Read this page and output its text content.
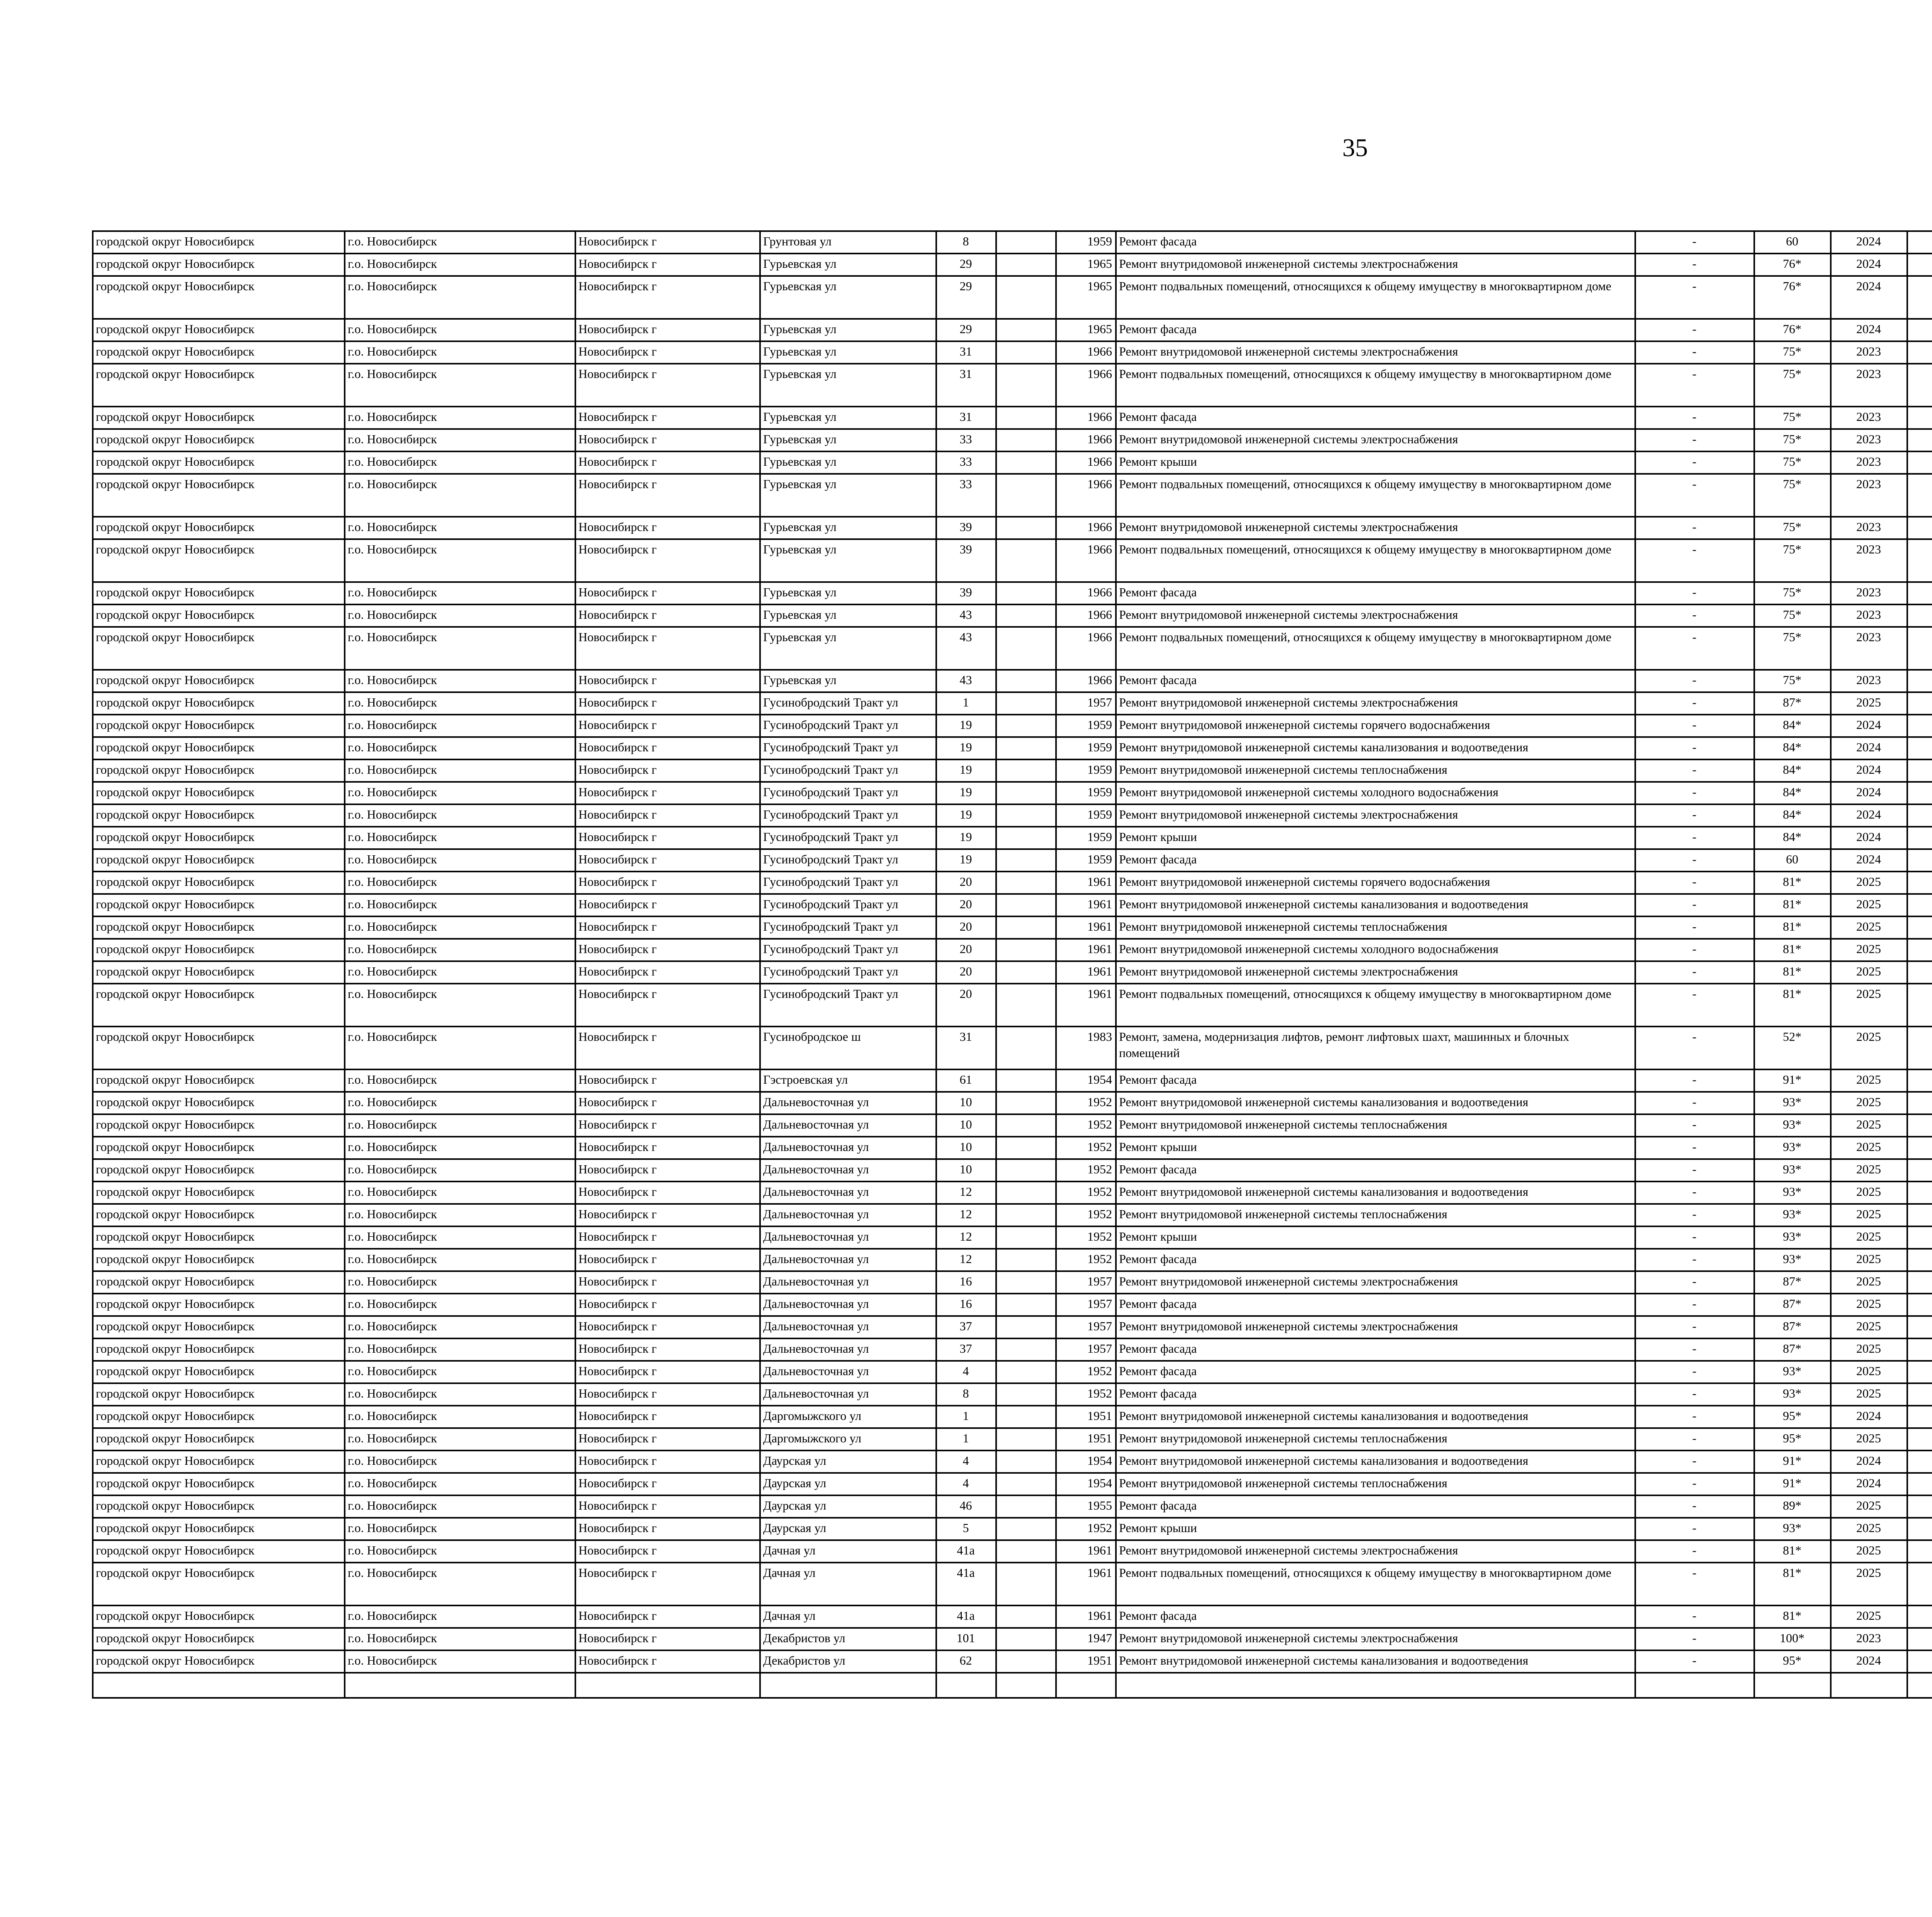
35
городской округ Новосибирск	г.о. Новосибирск	Новосибирск г	Грунтовая ул	8		1959	Ремонт фасада	-	60	2024						
городской округ Новосибирск	г.о. Новосибирск	Новосибирск г	Гурьевская ул	29		1965	Ремонт внутридомовой инженерной системы электроснабжения	-	76*	2024						
городской округ Новосибирск	г.о. Новосибирск	Новосибирск г	Гурьевская ул	29		1965	Ремонт подвальных помещений, относящихся к общему имуществу в многоквартирном доме	-	76*	2024						
городской округ Новосибирск	г.о. Новосибирск	Новосибирск г	Гурьевская ул	29		1965	Ремонт фасада	-	76*	2024						
городской округ Новосибирск	г.о. Новосибирск	Новосибирск г	Гурьевская ул	31		1966	Ремонт внутридомовой инженерной системы электроснабжения	-	75*	2023						
городской округ Новосибирск	г.о. Новосибирск	Новосибирск г	Гурьевская ул	31		1966	Ремонт подвальных помещений, относящихся к общему имуществу в многоквартирном доме	-	75*	2023						
городской округ Новосибирск	г.о. Новосибирск	Новосибирск г	Гурьевская ул	31		1966	Ремонт фасада	-	75*	2023						
городской округ Новосибирск	г.о. Новосибирск	Новосибирск г	Гурьевская ул	33		1966	Ремонт внутридомовой инженерной системы электроснабжения	-	75*	2023						
городской округ Новосибирск	г.о. Новосибирск	Новосибирск г	Гурьевская ул	33		1966	Ремонт крыши	-	75*	2023						
городской округ Новосибирск	г.о. Новосибирск	Новосибирск г	Гурьевская ул	33		1966	Ремонт подвальных помещений, относящихся к общему имуществу в многоквартирном доме	-	75*	2023						
городской округ Новосибирск	г.о. Новосибирск	Новосибирск г	Гурьевская ул	39		1966	Ремонт внутридомовой инженерной системы электроснабжения	-	75*	2023						
городской округ Новосибирск	г.о. Новосибирск	Новосибирск г	Гурьевская ул	39		1966	Ремонт подвальных помещений, относящихся к общему имуществу в многоквартирном доме	-	75*	2023						
городской округ Новосибирск	г.о. Новосибирск	Новосибирск г	Гурьевская ул	39		1966	Ремонт фасада	-	75*	2023						
городской округ Новосибирск	г.о. Новосибирск	Новосибирск г	Гурьевская ул	43		1966	Ремонт внутридомовой инженерной системы электроснабжения	-	75*	2023						
городской округ Новосибирск	г.о. Новосибирск	Новосибирск г	Гурьевская ул	43		1966	Ремонт подвальных помещений, относящихся к общему имуществу в многоквартирном доме	-	75*	2023						
городской округ Новосибирск	г.о. Новосибирск	Новосибирск г	Гурьевская ул	43		1966	Ремонт фасада	-	75*	2023						
городской округ Новосибирск	г.о. Новосибирск	Новосибирск г	Гусинобродский Тракт ул	1		1957	Ремонт внутридомовой инженерной системы электроснабжения	-	87*	2025						
городской округ Новосибирск	г.о. Новосибирск	Новосибирск г	Гусинобродский Тракт ул	19		1959	Ремонт внутридомовой инженерной системы горячего водоснабжения	-	84*	2024						
городской округ Новосибирск	г.о. Новосибирск	Новосибирск г	Гусинобродский Тракт ул	19		1959	Ремонт внутридомовой инженерной системы канализования и водоотведения	-	84*	2024						
городской округ Новосибирск	г.о. Новосибирск	Новосибирск г	Гусинобродский Тракт ул	19		1959	Ремонт внутридомовой инженерной системы теплоснабжения	-	84*	2024						
городской округ Новосибирск	г.о. Новосибирск	Новосибирск г	Гусинобродский Тракт ул	19		1959	Ремонт внутридомовой инженерной системы холодного водоснабжения	-	84*	2024						
городской округ Новосибирск	г.о. Новосибирск	Новосибирск г	Гусинобродский Тракт ул	19		1959	Ремонт внутридомовой инженерной системы электроснабжения	-	84*	2024						
городской округ Новосибирск	г.о. Новосибирск	Новосибирск г	Гусинобродский Тракт ул	19		1959	Ремонт крыши	-	84*	2024						
городской округ Новосибирск	г.о. Новосибирск	Новосибирск г	Гусинобродский Тракт ул	19		1959	Ремонт фасада	-	60	2024						
городской округ Новосибирск	г.о. Новосибирск	Новосибирск г	Гусинобродский Тракт ул	20		1961	Ремонт внутридомовой инженерной системы горячего водоснабжения	-	81*	2025						
городской округ Новосибирск	г.о. Новосибирск	Новосибирск г	Гусинобродский Тракт ул	20		1961	Ремонт внутридомовой инженерной системы канализования и водоотведения	-	81*	2025						
городской округ Новосибирск	г.о. Новосибирск	Новосибирск г	Гусинобродский Тракт ул	20		1961	Ремонт внутридомовой инженерной системы теплоснабжения	-	81*	2025						
городской округ Новосибирск	г.о. Новосибирск	Новосибирск г	Гусинобродский Тракт ул	20		1961	Ремонт внутридомовой инженерной системы холодного водоснабжения	-	81*	2025						
городской округ Новосибирск	г.о. Новосибирск	Новосибирск г	Гусинобродский Тракт ул	20		1961	Ремонт внутридомовой инженерной системы электроснабжения	-	81*	2025						
городской округ Новосибирск	г.о. Новосибирск	Новосибирск г	Гусинобродский Тракт ул	20		1961	Ремонт подвальных помещений, относящихся к общему имуществу в многоквартирном доме	-	81*	2025						
городской округ Новосибирск	г.о. Новосибирск	Новосибирск г	Гусинобродское ш	31		1983	Ремонт, замена, модернизация лифтов, ремонт лифтовых шахт, машинных и блочных помещений	-	52*	2025						
городской округ Новосибирск	г.о. Новосибирск	Новосибирск г	Гэстроевская ул	61		1954	Ремонт фасада	-	91*	2025						
городской округ Новосибирск	г.о. Новосибирск	Новосибирск г	Дальневосточная ул	10		1952	Ремонт внутридомовой инженерной системы канализования и водоотведения	-	93*	2025						
городской округ Новосибирск	г.о. Новосибирск	Новосибирск г	Дальневосточная ул	10		1952	Ремонт внутридомовой инженерной системы теплоснабжения	-	93*	2025						
городской округ Новосибирск	г.о. Новосибирск	Новосибирск г	Дальневосточная ул	10		1952	Ремонт крыши	-	93*	2025						
городской округ Новосибирск	г.о. Новосибирск	Новосибирск г	Дальневосточная ул	10		1952	Ремонт фасада	-	93*	2025						
городской округ Новосибирск	г.о. Новосибирск	Новосибирск г	Дальневосточная ул	12		1952	Ремонт внутридомовой инженерной системы канализования и водоотведения	-	93*	2025						
городской округ Новосибирск	г.о. Новосибирск	Новосибирск г	Дальневосточная ул	12		1952	Ремонт внутридомовой инженерной системы теплоснабжения	-	93*	2025						
городской округ Новосибирск	г.о. Новосибирск	Новосибирск г	Дальневосточная ул	12		1952	Ремонт крыши	-	93*	2025						
городской округ Новосибирск	г.о. Новосибирск	Новосибирск г	Дальневосточная ул	12		1952	Ремонт фасада	-	93*	2025						
городской округ Новосибирск	г.о. Новосибирск	Новосибирск г	Дальневосточная ул	16		1957	Ремонт внутридомовой инженерной системы электроснабжения	-	87*	2025						
городской округ Новосибирск	г.о. Новосибирск	Новосибирск г	Дальневосточная ул	16		1957	Ремонт фасада	-	87*	2025						
городской округ Новосибирск	г.о. Новосибирск	Новосибирск г	Дальневосточная ул	37		1957	Ремонт внутридомовой инженерной системы электроснабжения	-	87*	2025						
городской округ Новосибирск	г.о. Новосибирск	Новосибирск г	Дальневосточная ул	37		1957	Ремонт фасада	-	87*	2025						
городской округ Новосибирск	г.о. Новосибирск	Новосибирск г	Дальневосточная ул	4		1952	Ремонт фасада	-	93*	2025						
городской округ Новосибирск	г.о. Новосибирск	Новосибирск г	Дальневосточная ул	8		1952	Ремонт фасада	-	93*	2025						
городской округ Новосибирск	г.о. Новосибирск	Новосибирск г	Даргомыжского ул	1		1951	Ремонт внутридомовой инженерной системы канализования и водоотведения	-	95*	2024						
городской округ Новосибирск	г.о. Новосибирск	Новосибирск г	Даргомыжского ул	1		1951	Ремонт внутридомовой инженерной системы теплоснабжения	-	95*	2025						
городской округ Новосибирск	г.о. Новосибирск	Новосибирск г	Даурская ул	4		1954	Ремонт внутридомовой инженерной системы канализования и водоотведения	-	91*	2024						
городской округ Новосибирск	г.о. Новосибирск	Новосибирск г	Даурская ул	4		1954	Ремонт внутридомовой инженерной системы теплоснабжения	-	91*	2024						
городской округ Новосибирск	г.о. Новосибирск	Новосибирск г	Даурская ул	46		1955	Ремонт фасада	-	89*	2025						
городской округ Новосибирск	г.о. Новосибирск	Новосибирск г	Даурская ул	5		1952	Ремонт крыши	-	93*	2025						
городской округ Новосибирск	г.о. Новосибирск	Новосибирск г	Дачная ул	41а		1961	Ремонт внутридомовой инженерной системы электроснабжения	-	81*	2025						
городской округ Новосибирск	г.о. Новосибирск	Новосибирск г	Дачная ул	41а		1961	Ремонт подвальных помещений, относящихся к общему имуществу в многоквартирном доме	-	81*	2025						
городской округ Новосибирск	г.о. Новосибирск	Новосибирск г	Дачная ул	41а		1961	Ремонт фасада	-	81*	2025						
городской округ Новосибирск	г.о. Новосибирск	Новосибирск г	Декабристов ул	101		1947	Ремонт внутридомовой инженерной системы электроснабжения	-	100*	2023						
городской округ Новосибирск	г.о. Новосибирск	Новосибирск г	Декабристов ул	62		1951	Ремонт внутридомовой инженерной системы канализования и водоотведения	-	95*	2024						
